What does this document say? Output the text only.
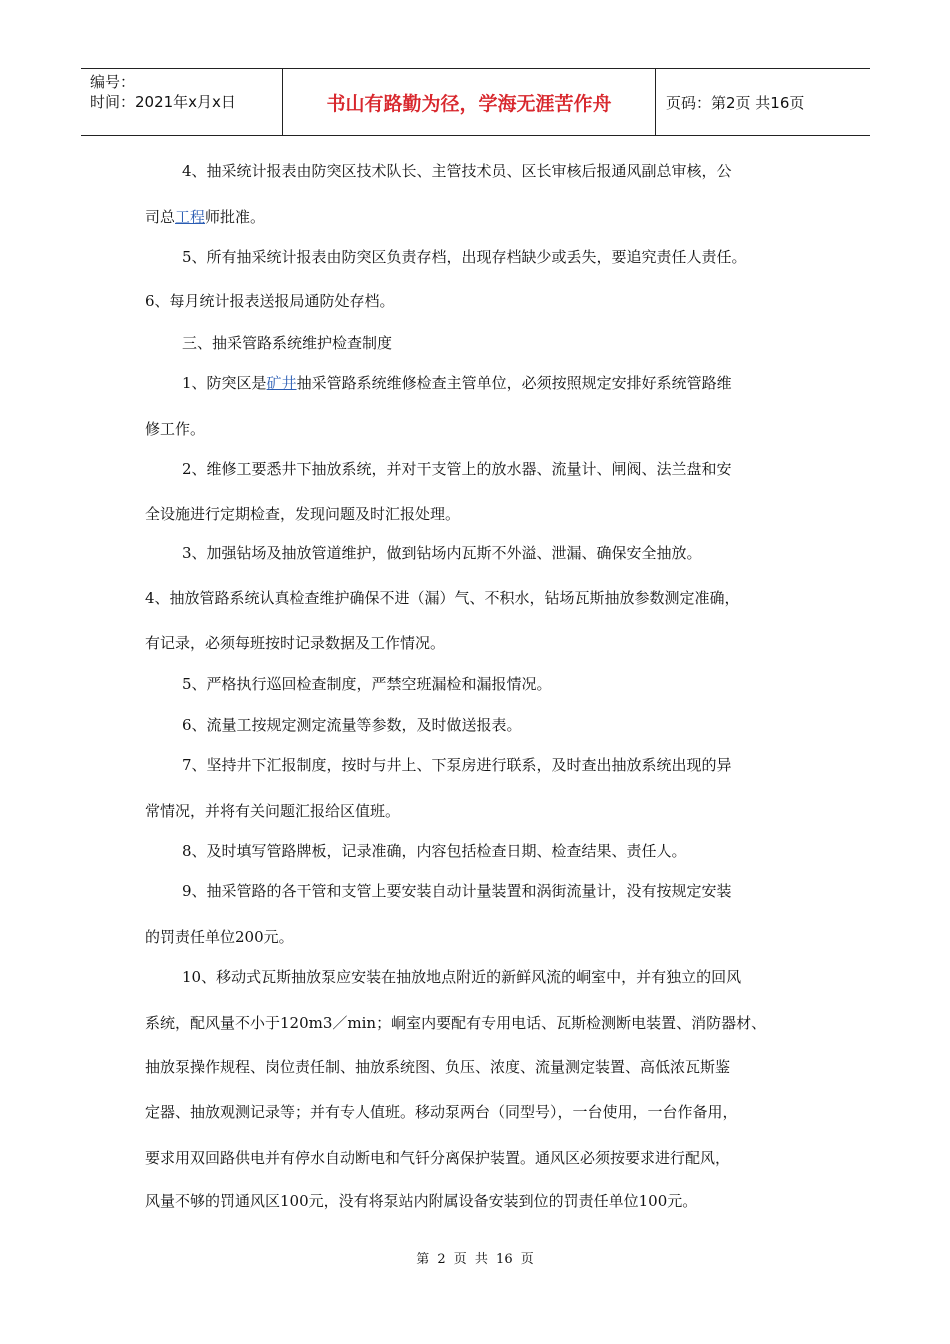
编号：
时间：2021年x月x日	书山有路勤为径，学海无涯苦作舟	页码：第2页 共16页
4、抽采统计报表由防突区技术队长、主管技术员、区长审核后报通风副总审核，公
司总工程师批准。
5、所有抽采统计报表由防突区负责存档，出现存档缺少或丢失，要追究责任人责任。
6、每月统计报表送报局通防处存档。
三、抽采管路系统维护检查制度
1、防突区是矿井抽采管路系统维修检查主管单位，必须按照规定安排好系统管路维
修工作。
2、维修工要悉井下抽放系统，并对干支管上的放水器、流量计、闸阀、法兰盘和安
全设施进行定期检查，发现问题及时汇报处理。
3、加强钻场及抽放管道维护，做到钻场内瓦斯不外溢、泄漏、确保安全抽放。
4、抽放管路系统认真检查维护确保不进（漏）气、不积水，钻场瓦斯抽放参数测定准确，
有记录，必须每班按时记录数据及工作情况。
5、严格执行巡回检查制度，严禁空班漏检和漏报情况。
6、流量工按规定测定流量等参数，及时做送报表。
7、坚持井下汇报制度，按时与井上、下泵房进行联系，及时查出抽放系统出现的异
常情况，并将有关问题汇报给区值班。
8、及时填写管路牌板，记录准确，内容包括检查日期、检查结果、责任人。
9、抽采管路的各干管和支管上要安装自动计量装置和涡街流量计，没有按规定安装
的罚责任单位200元。
10、移动式瓦斯抽放泵应安装在抽放地点附近的新鲜风流的峒室中，并有独立的回风
系统，配风量不小于120m3／min；峒室内要配有专用电话、瓦斯检测断电装置、消防器材、
抽放泵操作规程、岗位责任制、抽放系统图、负压、浓度、流量测定装置、高低浓瓦斯鉴
定器、抽放观测记录等；并有专人值班。移动泵两台（同型号），一台使用，一台作备用，
要求用双回路供电并有停水自动断电和气钎分离保护装置。通风区必须按要求进行配风，
风量不够的罚通风区100元，没有将泵站内附属设备安装到位的罚责任单位100元。
第 2 页 共 16 页
